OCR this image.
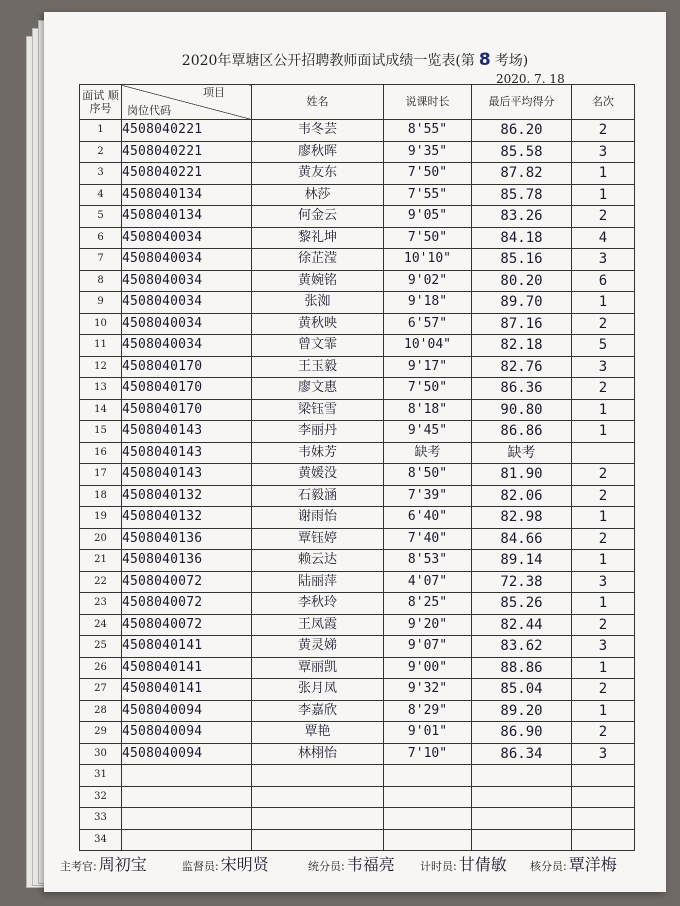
2020年覃塘区公开招聘教师面试成绩一览表(第 8 考场)
2020. 7. 18
面试 顺序号	项目
岗位代码	姓名	说课时长	最后平均得分	名次
1	4508040221	韦冬芸	8'55"	86.20	2
2	4508040221	廖秋晖	9'35"	85.58	3
3	4508040221	黄友东	7'50"	87.82	1
4	4508040134	林莎	7'55"	85.78	1
5	4508040134	何金云	9'05"	83.26	2
6	4508040034	黎礼坤	7'50"	84.18	4
7	4508040034	徐芷滢	10'10"	85.16	3
8	4508040034	黄婉铭	9'02"	80.20	6
9	4508040034	张洳	9'18"	89.70	1
10	4508040034	黄秋映	6'57"	87.16	2
11	4508040034	曾文霏	10'04"	82.18	5
12	4508040170	王玉毅	9'17"	82.76	3
13	4508040170	廖文惠	7'50"	86.36	2
14	4508040170	梁钰雪	8'18"	90.80	1
15	4508040143	李丽丹	9'45"	86.86	1
16	4508040143	韦妹芳	缺考	缺考	
17	4508040143	黄媛没	8'50"	81.90	2
18	4508040132	石毅涵	7'39"	82.06	2
19	4508040132	谢雨怡	6'40"	82.98	1
20	4508040136	覃钰婷	7'40"	84.66	2
21	4508040136	赖云达	8'53"	89.14	1
22	4508040072	陆丽萍	4'07"	72.38	3
23	4508040072	李秋玲	8'25"	85.26	1
24	4508040072	王凤霞	9'20"	82.44	2
25	4508040141	黄灵娣	9'07"	83.62	3
26	4508040141	覃丽凯	9'00"	88.86	1
27	4508040141	张月凤	9'32"	85.04	2
28	4508040094	李嘉欣	8'29"	89.20	1
29	4508040094	覃艳	9'01"	86.90	2
30	4508040094	林栩怡	7'10"	86.34	3
31					
32					
33					
34					
主考官: 周初宝	监督员: 宋明贤	统分员: 韦福亮 计时员: 甘倩敏 核分员: 覃洋梅
